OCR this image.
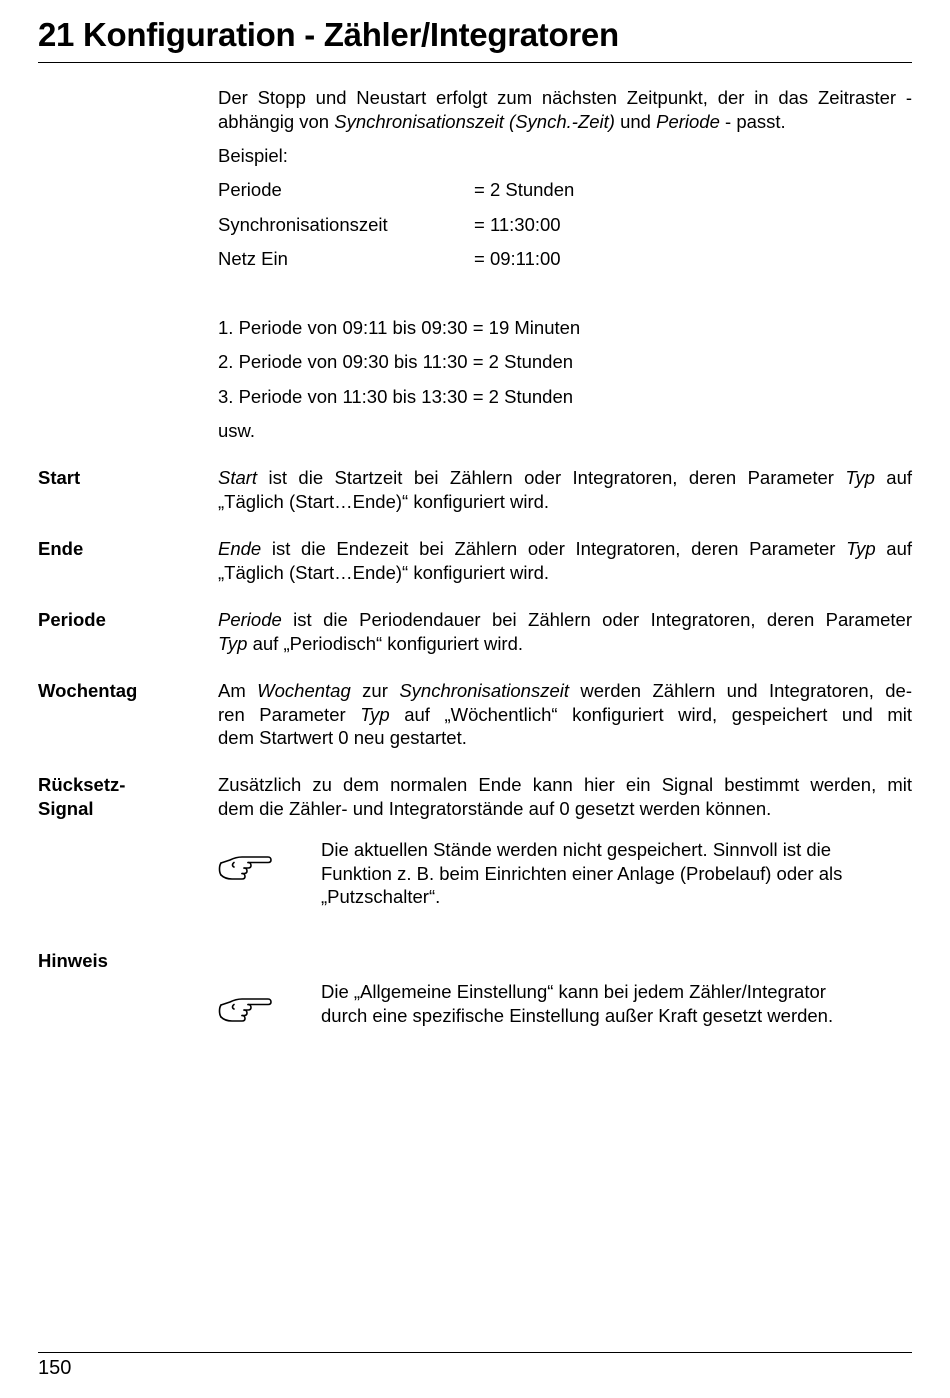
21 Konfiguration - Zähler/Integratoren
Der Stopp und Neustart erfolgt zum nächsten Zeitpunkt, der in das Zeitraster -
abhängig von Synchronisationszeit (Synch.-Zeit) und Periode - passt.
Beispiel:
Periode	= 2 Stunden
Synchronisationszeit	= 11:30:00
Netz Ein	= 09:11:00
1. Periode von 09:11 bis 09:30 = 19 Minuten
2. Periode von 09:30 bis 11:30 = 2 Stunden
3. Periode von 11:30 bis 13:30 = 2 Stunden
usw.
Start	Start ist die Startzeit bei Zählern oder Integratoren, deren Parameter Typ auf
„Täglich (Start…Ende)“ konfiguriert wird.
Ende	Ende ist die Endezeit bei Zählern oder Integratoren, deren Parameter Typ auf
„Täglich (Start…Ende)“ konfiguriert wird.
Periode	Periode ist die Periodendauer bei Zählern oder Integratoren, deren Parameter
Typ auf „Periodisch“ konfiguriert wird.
Wochentag	Am Wochentag zur Synchronisationszeit werden Zählern und Integratoren, de-
ren Parameter Typ auf „Wöchentlich“ konfiguriert wird, gespeichert und mit
dem Startwert 0 neu gestartet.
Rücksetz-
Signal
Zusätzlich zu dem normalen Ende kann hier ein Signal bestimmt werden, mit
dem die Zähler- und Integratorstände auf 0 gesetzt werden können.
Die aktuellen Stände werden nicht gespeichert. Sinnvoll ist die
Funktion z. B. beim Einrichten einer Anlage (Probelauf) oder als
„Putzschalter“.
Hinweis
Die „Allgemeine Einstellung“ kann bei jedem Zähler/Integrator
durch eine spezifische Einstellung außer Kraft gesetzt werden.
150
